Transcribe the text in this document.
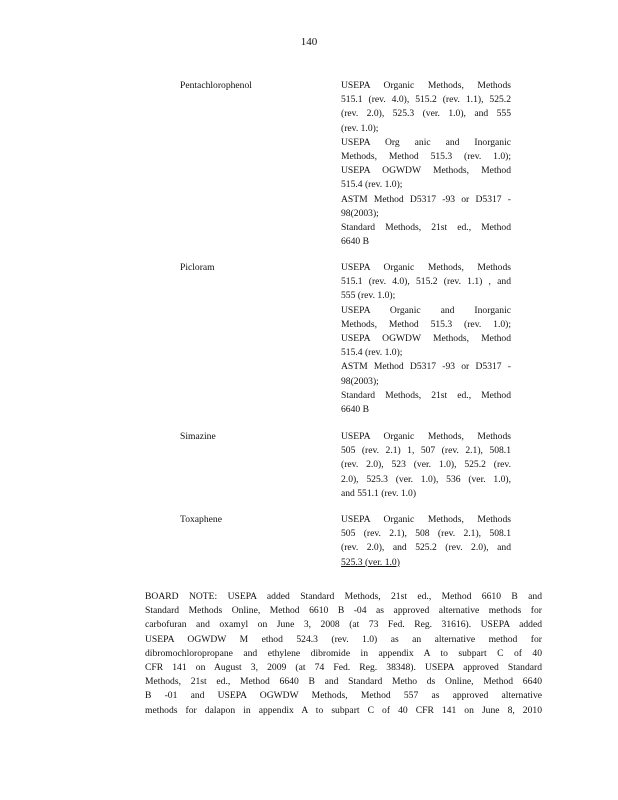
140
Pentachlorophenol	USEPA Organic Methods, Methods
515.1 (rev. 4.0), 515.2 (rev. 1.1), 525.2
(rev. 2.0), 525.3 (ver. 1.0), and 555
(rev. 1.0);
USEPA Org anic and Inorganic
Methods, Method 515.3 (rev. 1.0);
USEPA OGWDW Methods, Method
515.4 (rev. 1.0);
ASTM Method D5317 -93 or D5317 -
98(2003);
Standard Methods, 21st ed., Method
6640 B
Picloram	USEPA Organic Methods, Methods
515.1 (rev. 4.0), 515.2 (rev. 1.1) , and
555 (rev. 1.0);
USEPA Organic and Inorganic
Methods, Method 515.3 (rev. 1.0);
USEPA OGWDW Methods, Method
515.4 (rev. 1.0);
ASTM Method D5317 -93 or D5317 -
98(2003);
Standard Methods, 21st ed., Method
6640 B
Simazine	USEPA Organic Methods, Methods
505 (rev. 2.1) 1, 507 (rev. 2.1), 508.1
(rev. 2.0), 523 (ver. 1.0), 525.2 (rev.
2.0), 525.3 (ver. 1.0), 536 (ver. 1.0),
and 551.1 (rev. 1.0)
Toxaphene	USEPA Organic Methods, Methods
505 (rev. 2.1), 508 (rev. 2.1), 508.1
(rev. 2.0), and 525.2 (rev. 2.0), and
525.3 (ver. 1.0)
BOARD NOTE: USEPA added Standard Methods, 21st ed., Method 6610 B and
Standard Methods Online, Method 6610 B -04 as approved alternative methods for
carbofuran and oxamyl on June 3, 2008 (at 73 Fed. Reg. 31616). USEPA added
USEPA OGWDW M ethod 524.3 (rev. 1.0) as an alternative method for
dibromochloropropane and ethylene dibromide in appendix A to subpart C of 40
CFR 141 on August 3, 2009 (at 74 Fed. Reg. 38348). USEPA approved Standard
Methods, 21st ed., Method 6640 B and Standard Metho ds Online, Method 6640
B -01 and USEPA OGWDW Methods, Method 557 as approved alternative
methods for dalapon in appendix A to subpart C of 40 CFR 141 on June 8, 2010
